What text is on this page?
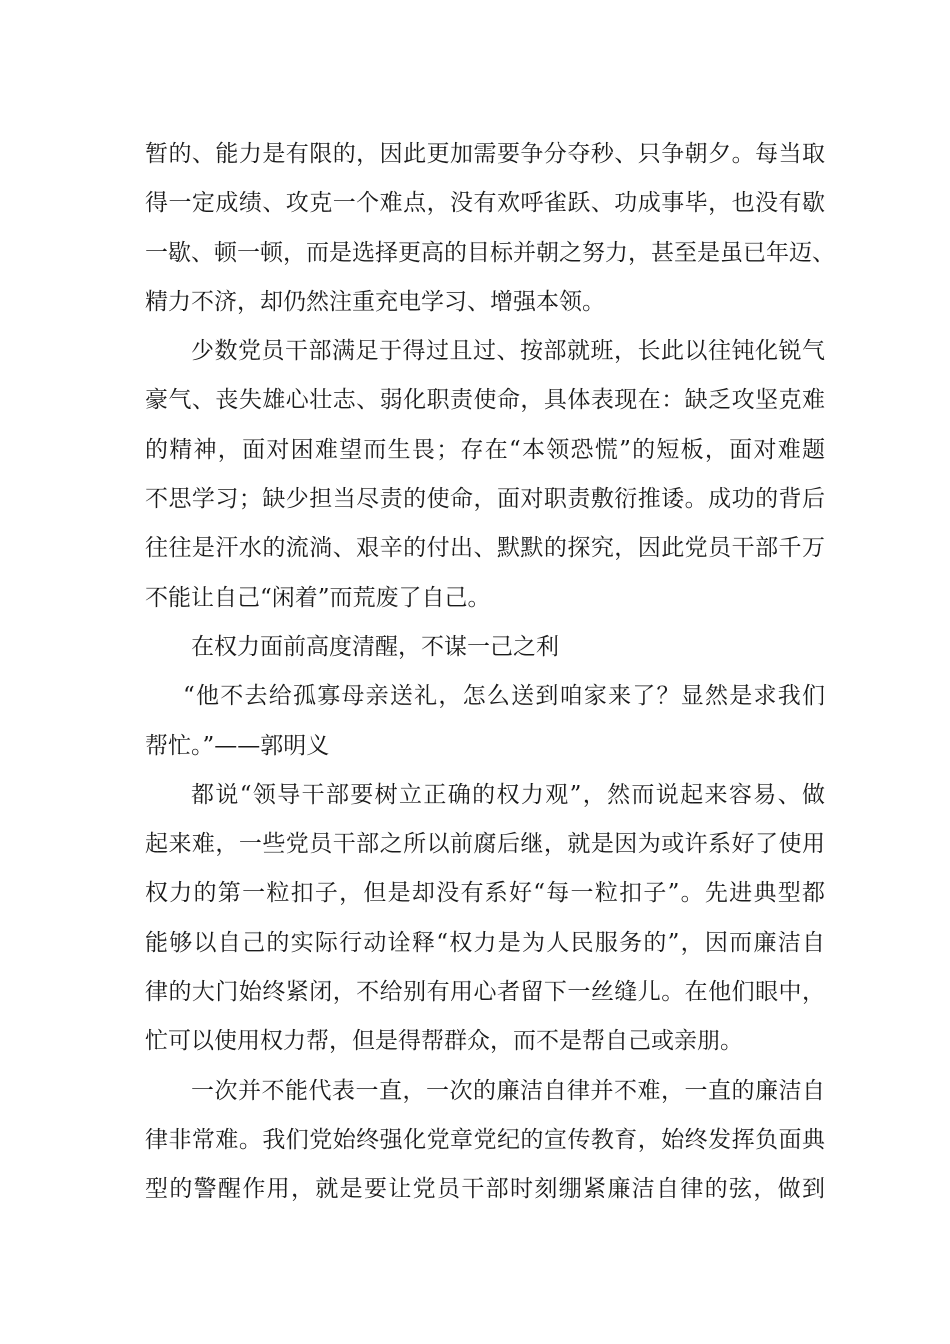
暂的、能力是有限的，因此更加需要争分夺秒、只争朝夕。每当取
得一定成绩、攻克一个难点，没有欢呼雀跃、功成事毕，也没有歇
一歇、顿一顿，而是选择更高的目标并朝之努力，甚至是虽已年迈、
精力不济，却仍然注重充电学习、增强本领。
少数党员干部满足于得过且过、按部就班，长此以往钝化锐气
豪气、丧失雄心壮志、弱化职责使命，具体表现在：缺乏攻坚克难
的精神，面对困难望而生畏；存在“本领恐慌”的短板，面对难题
不思学习；缺少担当尽责的使命，面对职责敷衍推诿。成功的背后
往往是汗水的流淌、艰辛的付出、默默的探究，因此党员干部千万
不能让自己“闲着”而荒废了自己。
在权力面前高度清醒，不谋一己之利
“他不去给孤寡母亲送礼，怎么送到咱家来了？显然是求我们
帮忙。”——郭明义
都说“领导干部要树立正确的权力观”，然而说起来容易、做
起来难，一些党员干部之所以前腐后继，就是因为或许系好了使用
权力的第一粒扣子，但是却没有系好“每一粒扣子”。先进典型都
能够以自己的实际行动诠释“权力是为人民服务的”，因而廉洁自
律的大门始终紧闭，不给别有用心者留下一丝缝儿。在他们眼中，
忙可以使用权力帮，但是得帮群众，而不是帮自己或亲朋。
一次并不能代表一直，一次的廉洁自律并不难，一直的廉洁自
律非常难。我们党始终强化党章党纪的宣传教育，始终发挥负面典
型的警醒作用，就是要让党员干部时刻绷紧廉洁自律的弦，做到
